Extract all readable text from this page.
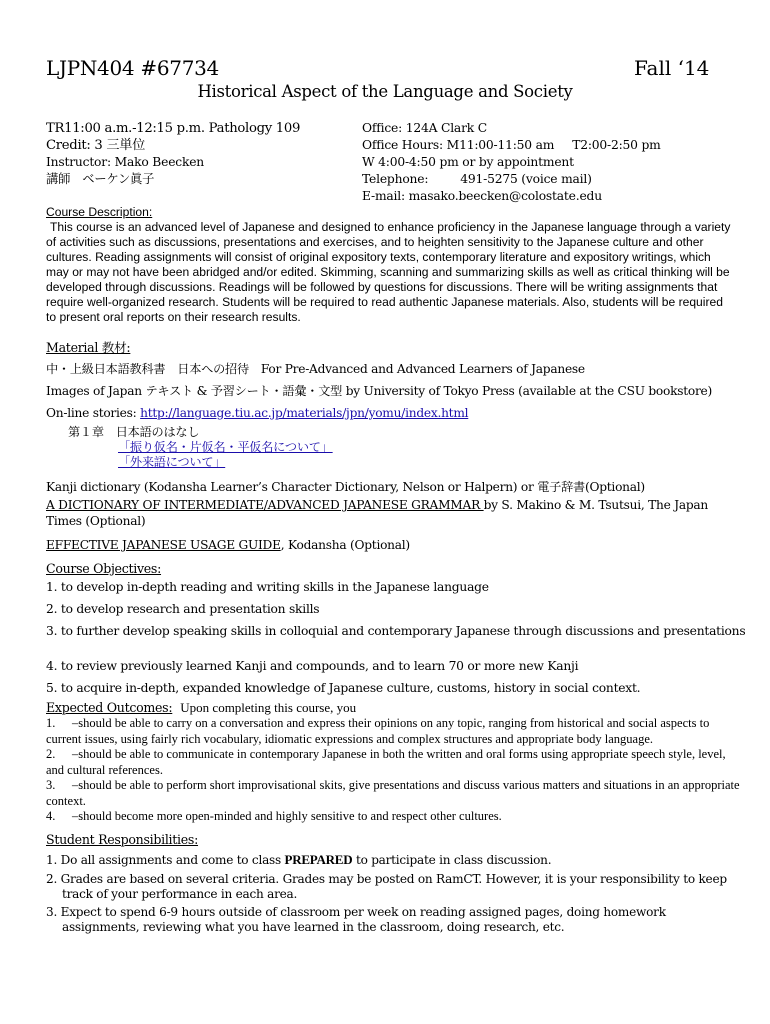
LJPN404 #67734	Fall ‘14
Historical Aspect of the Language and Society
TR11:00 a.m.-12:15 p.m. Pathology 109
Credit: 3 三単位
Instructor: Mako Beecken
講師　ベーケン眞子
Office: 124A Clark C
Office Hours: M11:00-11:50 am T2:00-2:50 pm
W 4:00-4:50 pm or by appointment
Telephone:	491-5275 (voice mail)
E-mail: masako.beecken@colostate.edu
Course Description:
This course is an advanced level of Japanese and designed to enhance proficiency in the Japanese language through a variety of activities such as discussions, presentations and exercises, and to heighten sensitivity to the Japanese culture and other cultures. Reading assignments will consist of original expository texts, contemporary literature and expository writings, which may or may not have been abridged and/or edited. Skimming, scanning and summarizing skills as well as critical thinking will be developed through discussions. Readings will be followed by questions for discussions. There will be writing assignments that require well-organized research. Students will be required to read authentic Japanese materials. Also, students will be required to present oral reports on their research results.
Material 教材:
中・上級日本語教科書　日本への招待　For Pre-Advanced and Advanced Learners of Japanese
Images of Japan テキスト & 予習シート・語彙・文型 by University of Tokyo Press (available at the CSU bookstore)
On-line stories: http://language.tiu.ac.jp/materials/jpn/yomu/index.html
第１章　日本語のはなし
「振り仮名・片仮名・平仮名について」
「外来語について」
Kanji dictionary (Kodansha Learner’s Character Dictionary, Nelson or Halpern) or 電子辞書(Optional)
A DICTIONARY OF INTERMEDIATE/ADVANCED JAPANESE GRAMMAR by S. Makino & M. Tsutsui, The Japan
Times (Optional)
EFFECTIVE JAPANESE USAGE GUIDE, Kodansha (Optional)
Course Objectives:
1. to develop in-depth reading and writing skills in the Japanese language
2. to develop research and presentation skills
3. to further develop speaking skills in colloquial and contemporary Japanese through discussions and presentations
4. to review previously learned Kanji and compounds, and to learn 70 or more new Kanji
5. to acquire in-depth, expanded knowledge of Japanese culture, customs, history in social context.
Expected Outcomes: Upon completing this course, you
1. –should be able to carry on a conversation and express their opinions on any topic, ranging from historical and social aspects to current issues, using fairly rich vocabulary, idiomatic expressions and complex structures and appropriate body language.
2. –should be able to communicate in contemporary Japanese in both the written and oral forms using appropriate speech style, level, and cultural references.
3. –should be able to perform short improvisational skits, give presentations and discuss various matters and situations in an appropriate context.
4. –should become more open-minded and highly sensitive to and respect other cultures.
Student Responsibilities:
1. Do all assignments and come to class PREPARED to participate in class discussion.
2. Grades are based on several criteria. Grades may be posted on RamCT. However, it is your responsibility to keep track of your performance in each area.
3. Expect to spend 6-9 hours outside of classroom per week on reading assigned pages, doing homework assignments, reviewing what you have learned in the classroom, doing research, etc.
